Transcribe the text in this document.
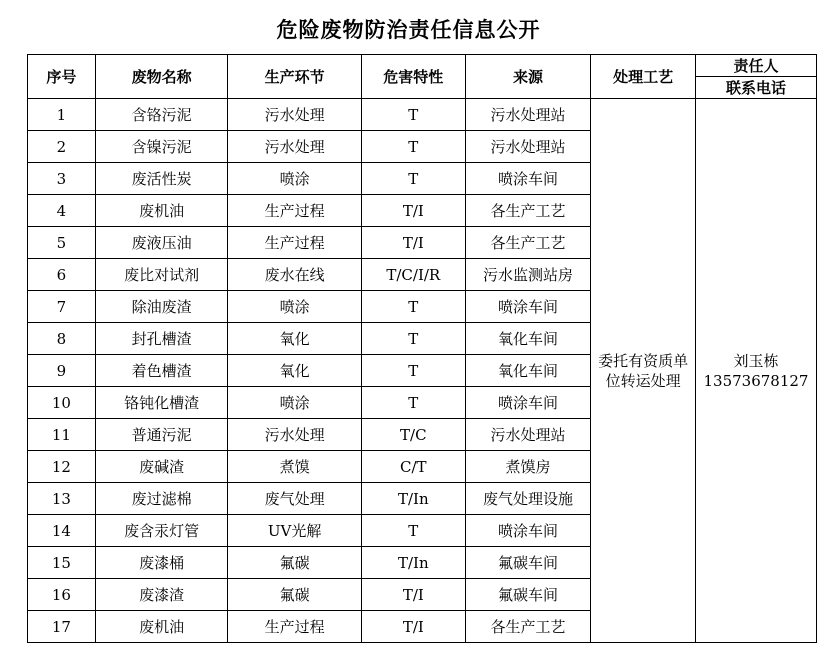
危险废物防治责任信息公开
序号	废物名称	生产环节	危害特性	来源	处理工艺	责任人
						联系电话
1	含铬污泥	污水处理	T	污水处理站	委托有资质单位转运处理	刘玉栋
13573678127

2	含镍污泥	污水处理	T	污水处理站		
3	废活性炭	喷涂	T	喷涂车间		
4	废机油	生产过程	T/I	各生产工艺		
5	废液压油	生产过程	T/I	各生产工艺		
6	废比对试剂	废水在线	T/C/I/R	污水监测站房		
7	除油废渣	喷涂	T	喷涂车间		
8	封孔槽渣	氧化	T	氧化车间		
9	着色槽渣	氧化	T	氧化车间		
10	铬钝化槽渣	喷涂	T	喷涂车间		
11	普通污泥	污水处理	T/C	污水处理站		
12	废碱渣	煮馍	C/T	煮馍房		
13	废过滤棉	废气处理	T/In	废气处理设施		
14	废含汞灯管	UV光解	T	喷涂车间		
15	废漆桶	氟碳	T/In	氟碳车间		
16	废漆渣	氟碳	T/I	氟碳车间		
17	废机油	生产过程	T/I	各生产工艺		
